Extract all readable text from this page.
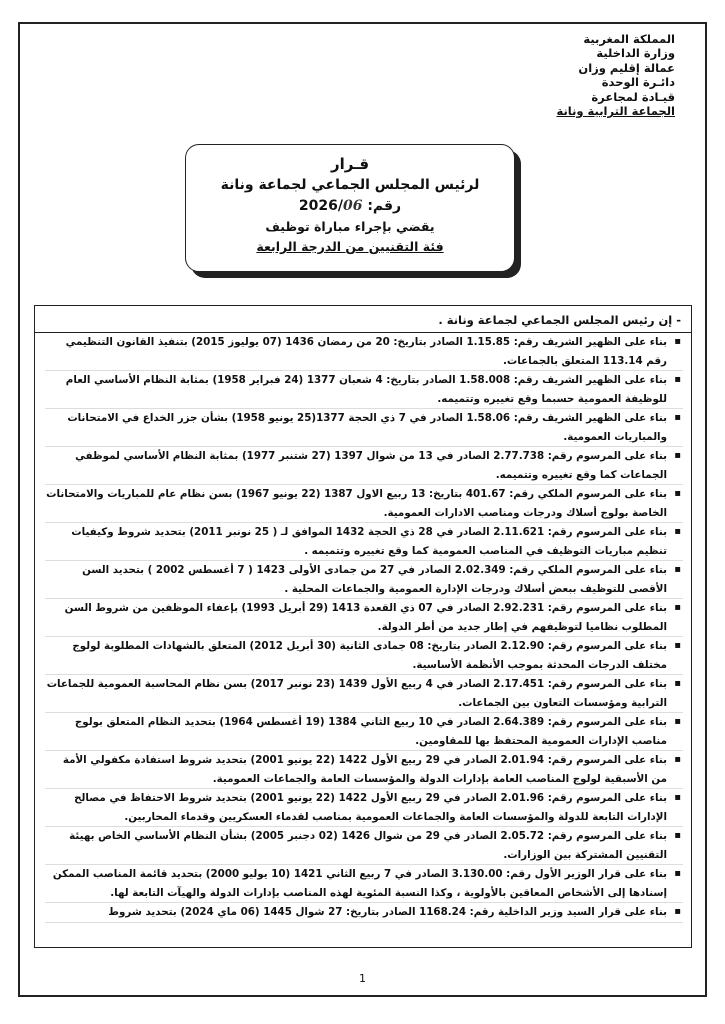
المملكة المغربية
وزارة الداخلية
عمالة إقليم وزان
دائـرة الوحدة
قيـادة لمجاعرة
الجماعة الترابية ونانة
قـرار
لرئيس المجلس الجماعي لجماعة ونانة
رقم: 2026/06
يقضي بإجراء مباراة توظيف
فئة التقنيين من الدرجة الرابعة
- إن رئيس المجلس الجماعي لجماعة ونانة .
▪
بناء على الظهير الشريف رقم: 1.15.85 الصادر بتاريخ: 20 من رمضان 1436 (07 يوليوز 2015) بتنفيذ القانون التنظيمي رقم 113.14 المتعلق بالجماعات.
▪
بناء على الظهير الشريف رقم: 1.58.008 الصادر بتاريخ: 4 شعبان 1377 (24 فبراير 1958) بمثابة النظام الأساسي العام للوظيفة العمومية حسبما وقع تغييره وتتميمه.
▪
بناء على الظهير الشريف رقم: 1.58.06 الصادر في 7 ذي الحجة 1377(25 يونيو 1958) بشأن جزر الخداع في الامتحانات والمباريات العمومية.
▪
بناء على المرسوم رقم: 2.77.738 الصادر في 13 من شوال 1397 (27 شتنبر 1977) بمثابة النظام الأساسي لموظفي الجماعات كما وقع تغييره وتتميمه.
▪
بناء على المرسوم الملكي رقم: 401.67 بتاريخ: 13 ربيع الاول 1387 (22 يونيو 1967) بسن نظام عام للمباريات والامتحانات الخاصة بولوج أسلاك ودرجات ومناصب الادارات العمومية.
▪
بناء على المرسوم رقم: 2.11.621 الصادر في 28 ذي الحجة 1432 الموافق لـ ( 25 نونبر 2011) بتحديد شروط وكيفيات تنظيم مباريات التوظيف في المناصب العمومية كما وقع تغييره وتتميمه .
▪
بناء على المرسوم الملكي رقم: 2.02.349 الصادر في 27 من جمادى الأولى 1423 ( 7 أغسطس 2002 ) بتحديد السن الأقصى للتوظيف ببعض أسلاك ودرجات الإدارة العمومية والجماعات المحلية .
▪
بناء على المرسوم رقم: 2.92.231 الصادر في 07 ذي القعدة 1413 (29 أبريل 1993) بإعفاء الموظفين من شروط السن المطلوب نظاميا لتوظيفهم في إطار جديد من أطر الدولة.
▪
بناء على المرسوم رقم: 2.12.90 الصادر بتاريخ: 08 جمادى الثانية (30 أبريل 2012) المتعلق بالشهادات المطلوبة لولوج مختلف الدرجات المحدثة بموجب الأنظمة الأساسية.
▪
بناء على المرسوم رقم: 2.17.451 الصادر في 4 ربيع الأول 1439 (23 نونبر 2017) بسن نظام المحاسبة العمومية للجماعات الترابية ومؤسسات التعاون بين الجماعات.
▪
بناء على المرسوم رقم: 2.64.389 الصادر في 10 ربيع الثاني 1384 (19 أغسطس 1964) بتحديد النظام المتعلق بولوج مناصب الإدارات العمومية المحتفظ بها للمقاومين.
▪
بناء على المرسوم رقم: 2.01.94 الصادر في 29 ربيع الأول 1422 (22 يونيو 2001) بتحديد شروط استفادة مكفولي الأمة من الأسبقية لولوج المناصب العامة بإدارات الدولة والمؤسسات العامة والجماعات العمومية.
▪
بناء على المرسوم رقم: 2.01.96 الصادر في 29 ربيع الأول 1422 (22 يونيو 2001) بتحديد شروط الاحتفاظ في مصالح الإدارات التابعة للدولة والمؤسسات العامة والجماعات العمومية بمناصب لقدماء العسكريين وقدماء المحاربين.
▪
بناء على المرسوم رقم: 2.05.72 الصادر في 29 من شوال 1426 (02 دجنبر 2005) بشأن النظام الأساسي الخاص بهيئة التقنيين المشتركة بين الوزارات.
▪
بناء على قرار الوزير الأول رقم: 3.130.00 الصادر في 7 ربيع الثاني 1421 (10 يوليو 2000) بتحديد قائمة المناصب الممكن إسنادها إلى الأشخاص المعاقين بالأولوية ، وكذا النسبة المئوية لهذه المناصب بإدارات الدولة والهيآت التابعة لها.
▪
بناء على قرار السيد وزير الداخلية رقم: 1168.24 الصادر بتاريخ: 27 شوال 1445 (06 ماي 2024) بتحديد شروط
1
